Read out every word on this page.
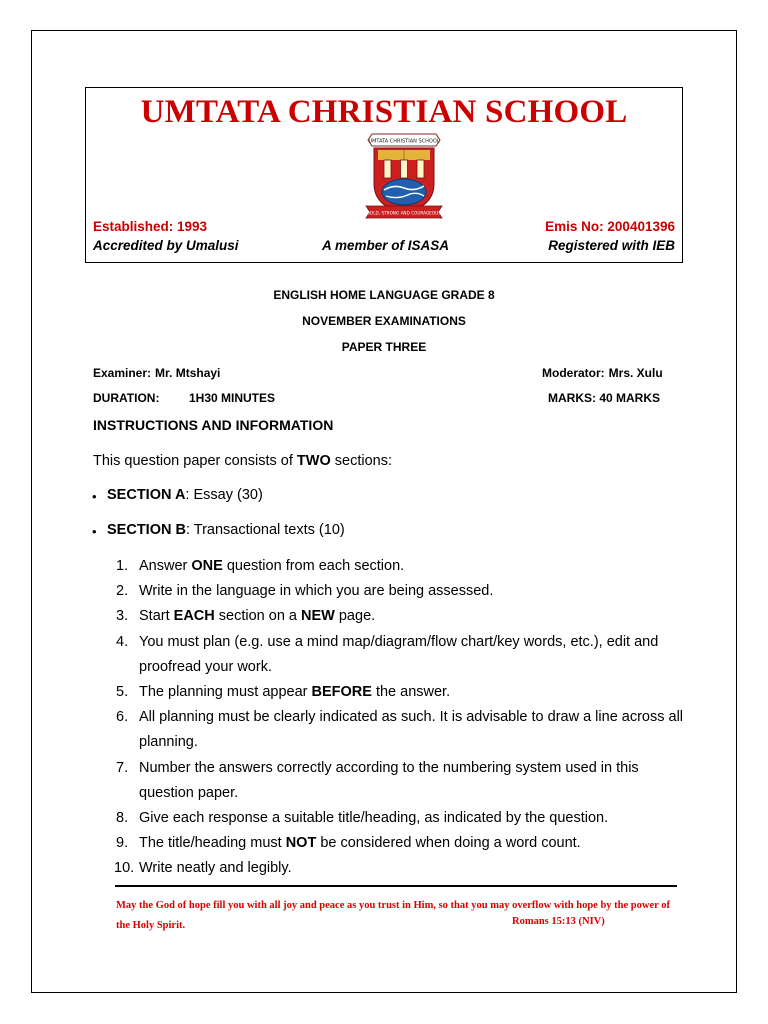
UMTATA CHRISTIAN SCHOOL
UMTATA CHRISTIAN SCHOOL
BOLD, STRONG AND COURAGEOUS
Established: 1993	Emis No: 200401396
Accredited by Umalusi	A member of ISASA	Registered with IEB
ENGLISH HOME LANGUAGE GRADE 8
NOVEMBER EXAMINATIONS
PAPER THREE
Examiner: Mr. Mtshayi	Moderator: Mrs. Xulu
DURATION: 1H30 MINUTES	MARKS: 40 MARKS
INSTRUCTIONS AND INFORMATION
This question paper consists of TWO sections:
• SECTION A: Essay (30)
• SECTION B: Transactional texts (10)
1. Answer ONE question from each section.
2. Write in the language in which you are being assessed.
3. Start EACH section on a NEW page.
4. You must plan (e.g. use a mind map/diagram/flow chart/key words, etc.), edit and proofread your work.
5. The planning must appear BEFORE the answer.
6. All planning must be clearly indicated as such. It is advisable to draw a line across all planning.
7. Number the answers correctly according to the numbering system used in this question paper.
8. Give each response a suitable title/heading, as indicated by the question.
9. The title/heading must NOT be considered when doing a word count.
10. Write neatly and legibly.
May the God of hope fill you with all joy and peace as you trust in Him, so that you may overflow with hope by the power of the Holy Spirit.	Romans 15:13 (NIV)
